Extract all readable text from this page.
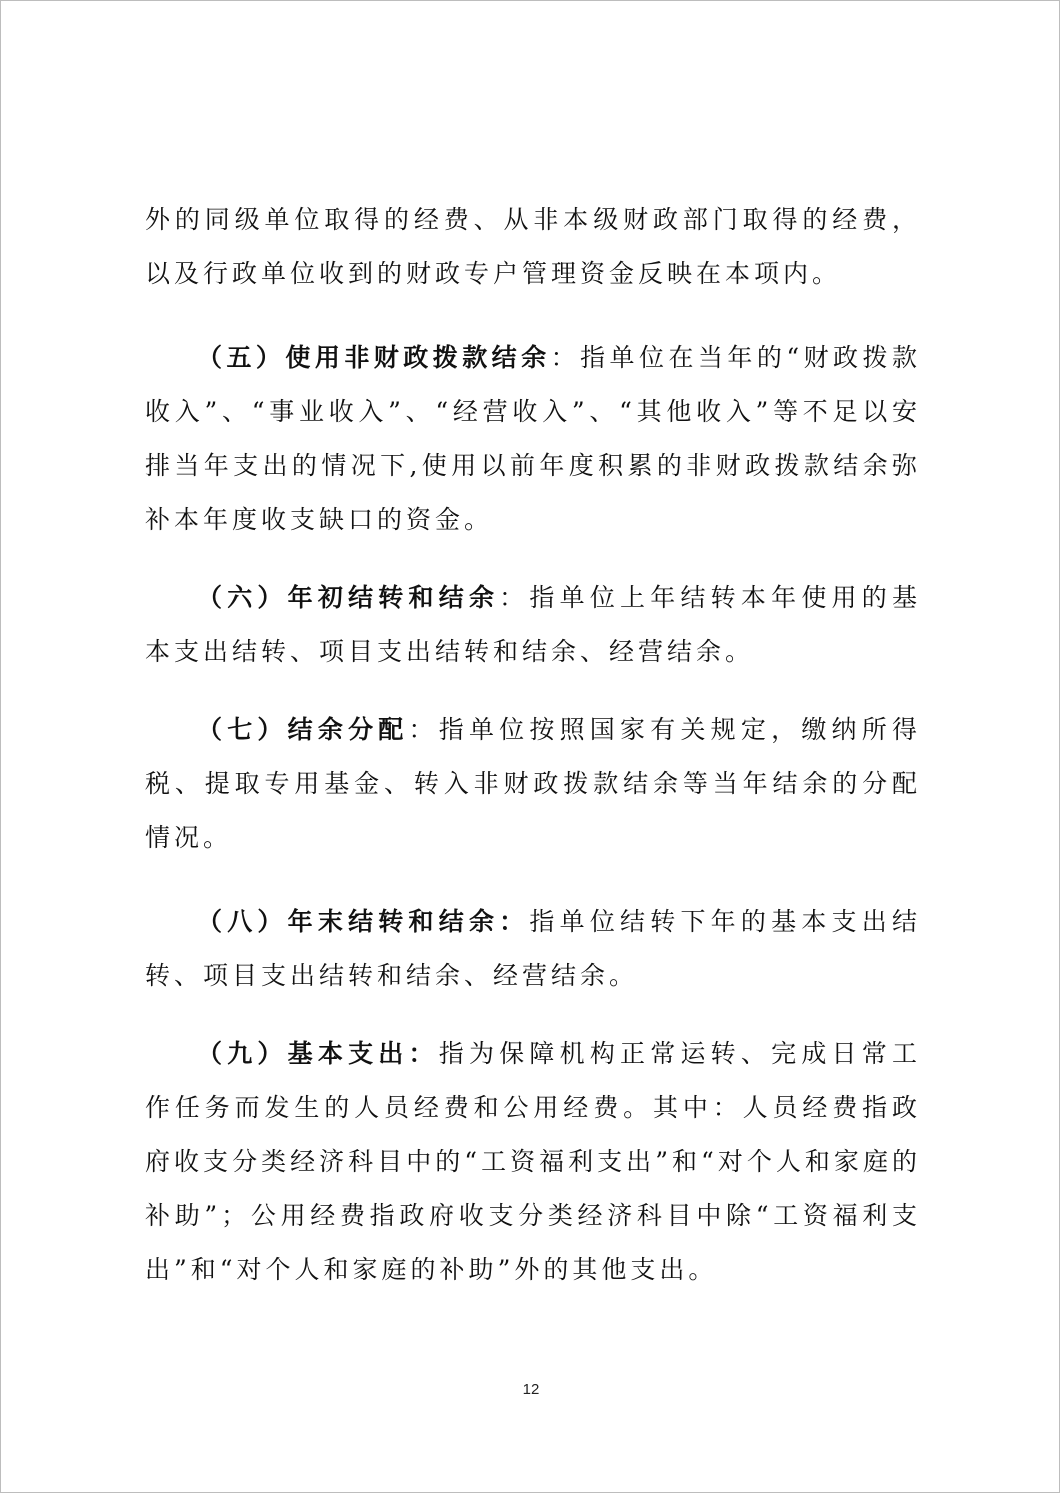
外的同级单位取得的经费、从非本级财政部门取得的经费，以及行政单位收到的财政专户管理资金反映在本项内。

（五）使用非财政拨款结余：指单位在当年的“财政拨款收入”、“事业收入”、“经营收入”、“其他收入”等不足以安排当年支出的情况下,使用以前年度积累的非财政拨款结余弥补本年度收支缺口的资金。

（六）年初结转和结余：指单位上年结转本年使用的基本支出结转、项目支出结转和结余、经营结余。

（七）结余分配：指单位按照国家有关规定，缴纳所得税、提取专用基金、转入非财政拨款结余等当年结余的分配情况。

（八）年末结转和结余：指单位结转下年的基本支出结转、项目支出结转和结余、经营结余。

（九）基本支出：指为保障机构正常运转、完成日常工作任务而发生的人员经费和公用经费。其中：人员经费指政府收支分类经济科目中的“工资福利支出”和“对个人和家庭的补助”；公用经费指政府收支分类经济科目中除“工资福利支出”和“对个人和家庭的补助”外的其他支出。

12
